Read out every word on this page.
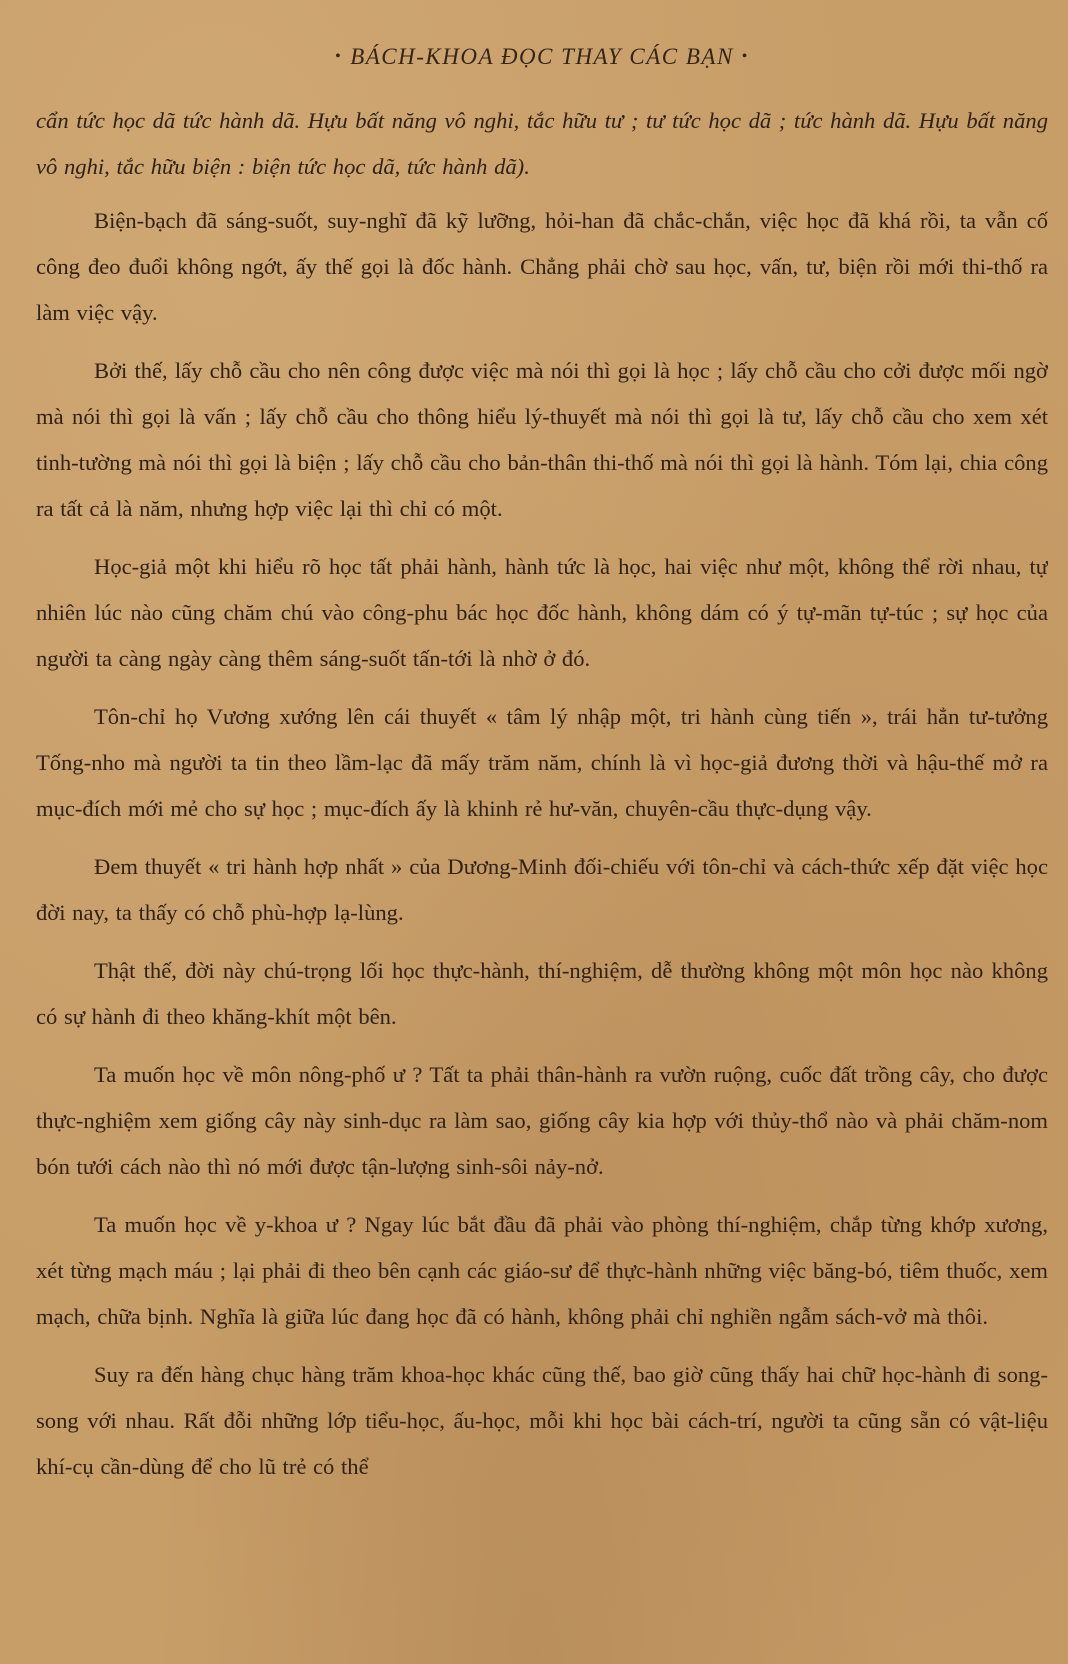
• BÁCH-KHOA ĐỌC THAY CÁC BẠN •

cẩn tức học dã tức hành dã. Hựu bất năng vô nghi, tắc hữu tư ; tư tức học dã ; tức hành dã. Hựu bất năng vô nghi, tắc hữu biện : biện tức học dã, tức hành dã).

Biện-bạch đã sáng-suốt, suy-nghĩ đã kỹ lưỡng, hỏi-han đã chắc-chắn, việc học đã khá rồi, ta vẫn cố công đeo đuổi không ngớt, ấy thế gọi là đốc hành. Chẳng phải chờ sau học, vấn, tư, biện rồi mới thi-thố ra làm việc vậy.

Bởi thế, lấy chỗ cầu cho nên công được việc mà nói thì gọi là học ; lấy chỗ cầu cho cởi được mối ngờ mà nói thì gọi là vấn ; lấy chỗ cầu cho thông hiểu lý-thuyết mà nói thì gọi là tư, lấy chỗ cầu cho xem xét tinh-tường mà nói thì gọi là biện ; lấy chỗ cầu cho bản-thân thi-thố mà nói thì gọi là hành. Tóm lại, chia công ra tất cả là năm, nhưng hợp việc lại thì chỉ có một.

Học-giả một khi hiểu rõ học tất phải hành, hành tức là học, hai việc như một, không thể rời nhau, tự nhiên lúc nào cũng chăm chú vào công-phu bác học đốc hành, không dám có ý tự-mãn tự-túc ; sự học của người ta càng ngày càng thêm sáng-suốt tấn-tới là nhờ ở đó.

Tôn-chỉ họ Vương xướng lên cái thuyết « tâm lý nhập một, tri hành cùng tiến », trái hẳn tư-tưởng Tống-nho mà người ta tin theo lầm-lạc đã mấy trăm năm, chính là vì học-giả đương thời và hậu-thế mở ra mục-đích mới mẻ cho sự học ; mục-đích ấy là khinh rẻ hư-văn, chuyên-cầu thực-dụng vậy.

Đem thuyết « tri hành hợp nhất » của Dương-Minh đối-chiếu với tôn-chỉ và cách-thức xếp đặt việc học đời nay, ta thấy có chỗ phù-hợp lạ-lùng.

Thật thế, đời này chú-trọng lối học thực-hành, thí-nghiệm, dễ thường không một môn học nào không có sự hành đi theo khăng-khít một bên.

Ta muốn học về môn nông-phố ư ? Tất ta phải thân-hành ra vườn ruộng, cuốc đất trồng cây, cho được thực-nghiệm xem giống cây này sinh-dục ra làm sao, giống cây kia hợp với thủy-thổ nào và phải chăm-nom bón tưới cách nào thì nó mới được tận-lượng sinh-sôi nảy-nở.

Ta muốn học về y-khoa ư ? Ngay lúc bắt đầu đã phải vào phòng thí-nghiệm, chắp từng khớp xương, xét từng mạch máu ; lại phải đi theo bên cạnh các giáo-sư để thực-hành những việc băng-bó, tiêm thuốc, xem mạch, chữa bịnh. Nghĩa là giữa lúc đang học đã có hành, không phải chỉ nghiền ngẫm sách-vở mà thôi.

Suy ra đến hàng chục hàng trăm khoa-học khác cũng thế, bao giờ cũng thấy hai chữ học-hành đi song-song với nhau. Rất đỗi những lớp tiểu-học, ấu-học, mỗi khi học bài cách-trí, người ta cũng sẵn có vật-liệu khí-cụ cần-dùng để cho lũ trẻ có thể
